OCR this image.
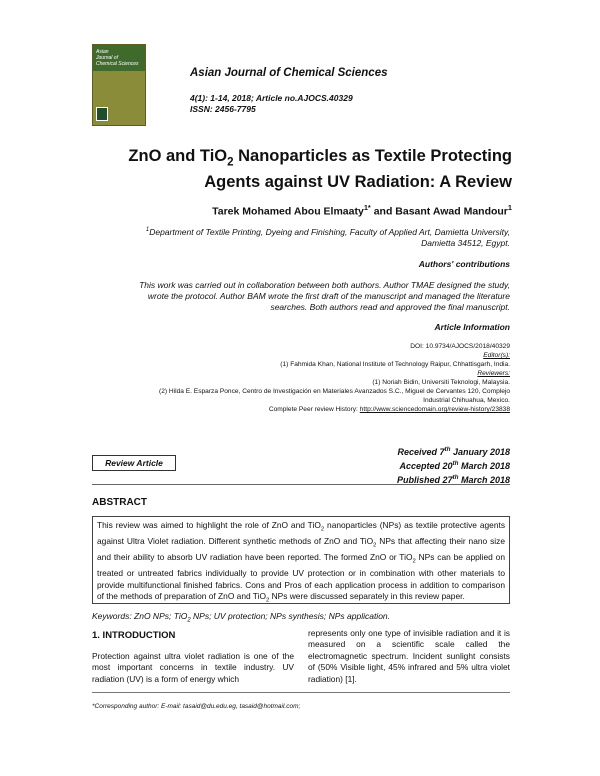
Asian
Journal of
Chemical Sciences
Asian Journal of Chemical Sciences
4(1): 1-14, 2018; Article no.AJOCS.40329
ISSN: 2456-7795
ZnO and TiO$_2$ Nanoparticles as Textile Protecting
Agents against UV Radiation: A Review
Tarek Mohamed Abou Elmaaty$^{1*}$ and Basant Awad Mandour$^1$
$^1$Department of Textile Printing, Dyeing and Finishing, Faculty of Applied Art, Damietta University,
Damietta 34512, Egypt.
Authors' contributions
This work was carried out in collaboration between both authors. Author TMAE designed the study,
wrote the protocol. Author BAM wrote the first draft of the manuscript and managed the literature
searches. Both authors read and approved the final manuscript.
Article Information
DOI: 10.9734/AJOCS/2018/40329
Editor(s):
(1) Fahmida Khan, National Institute of Technology Raipur, Chhattisgarh, India.
Reviewers:
(1) Noriah Bidin, Universiti Teknologi, Malaysia.
(2) Hilda E. Esparza Ponce, Centro de Investigación en Materiales Avanzados S.C., Miguel de Cervantes 120, Complejo
Industrial Chihuahua, Mexico.
Complete Peer review History: http://www.sciencedomain.org/review-history/23838
Received 7th January 2018
Accepted 20th March 2018
Published 27th March 2018
Review Article
ABSTRACT
This review was aimed to highlight the role of ZnO and TiO$_2$ nanoparticles (NPs) as textile protective agents against Ultra Violet radiation. Different synthetic methods of ZnO and TiO$_2$ NPs that affecting their nano size and their ability to absorb UV radiation have been reported. The formed ZnO or TiO$_2$ NPs can be applied on treated or untreated fabrics individually to provide UV protection or in combination with other materials to provide multifunctional finished fabrics. Cons and Pros of each application process in addition to comparison of the methods of preparation of ZnO and TiO$_2$ NPs were discussed separately in this review paper.
Keywords: ZnO NPs; TiO$_2$ NPs; UV protection; NPs synthesis; NPs application.
1. INTRODUCTION
Protection against ultra violet radiation is one of the most important concerns in textile industry. UV radiation (UV) is a form of energy which
represents only one type of invisible radiation and it is measured on a scientific scale called the electromagnetic spectrum. Incident sunlight consists of (50% Visible light, 45% infrared and 5% ultra violet radiation) [1].
*Corresponding author: E-mail: tasaid@du.edu.eg, tasaid@hotmail.com;
